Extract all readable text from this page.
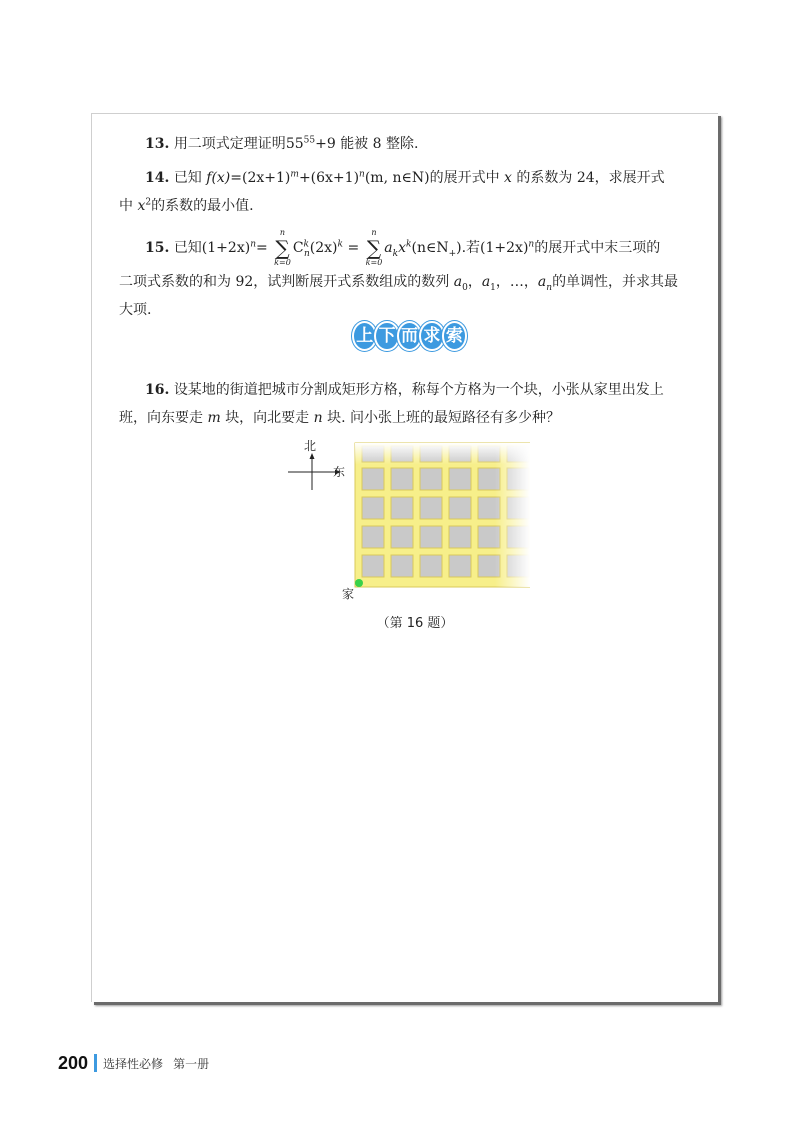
13. 用二项式定理证明$55^{55}+9$ 能被 8 整除.
14. 已知 $f(x)=(2x+1)^m+(6x+1)^n(m$, n∈N)的展开式中 x 的系数为 24，求展开式
中 $x^2$的系数的最小值.
15. 已知$(1+2x)^n=$
n
∑
k=0
$C^k_n(2x)^k$ =
n
∑
k=0
$a_kx^k(n\in N_+)$.若$(1+2x)^n$的展开式中末三项的
二项式系数的和为 92，试判断展开式系数组成的数列 $a_0$，$a_1$，…，$a_n$的单调性，并求其最
大项.
上 下 而 求 索
16. 设某地的街道把城市分割成矩形方格，称每个方格为一个块，小张从家里出发上
班，向东要走 m 块，向北要走 n 块. 问小张上班的最短路径有多少种？
北
东
家
（第 16 题）
200 选择性必修 第一册
